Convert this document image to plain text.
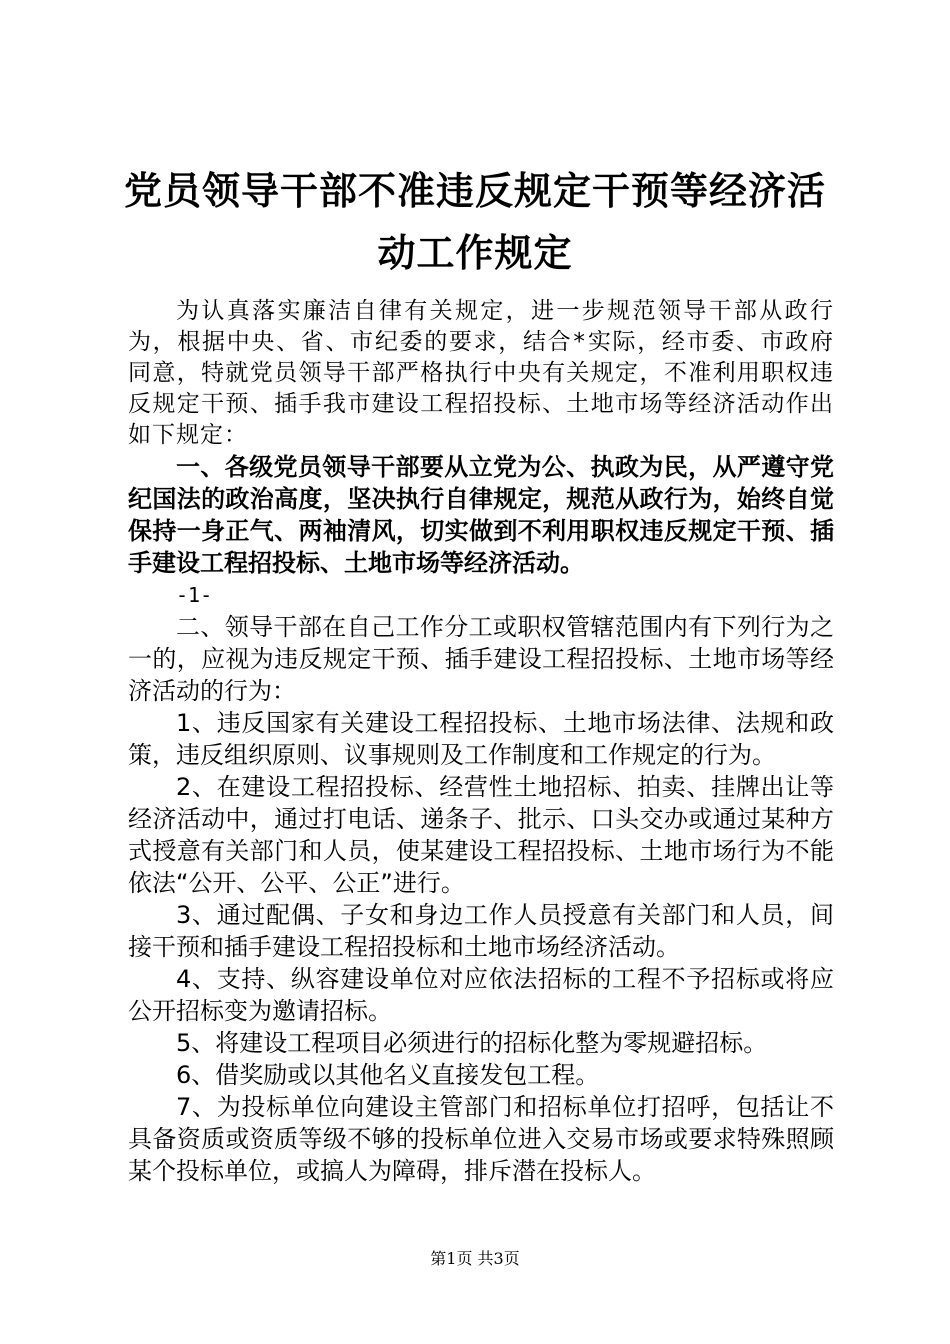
党员领导干部不准违反规定干预等经济活动工作规定

为认真落实廉洁自律有关规定，进一步规范领导干部从政行为，根据中央、省、市纪委的要求，结合*实际，经市委、市政府同意，特就党员领导干部严格执行中央有关规定，不准利用职权违反规定干预、插手我市建设工程招投标、土地市场等经济活动作出如下规定：

一、各级党员领导干部要从立党为公、执政为民，从严遵守党纪国法的政治高度，坚决执行自律规定，规范从政行为，始终自觉保持一身正气、两袖清风，切实做到不利用职权违反规定干预、插手建设工程招投标、土地市场等经济活动。

-1-

二、领导干部在自己工作分工或职权管辖范围内有下列行为之一的，应视为违反规定干预、插手建设工程招投标、土地市场等经济活动的行为：

1、违反国家有关建设工程招投标、土地市场法律、法规和政策，违反组织原则、议事规则及工作制度和工作规定的行为。

2、在建设工程招投标、经营性土地招标、拍卖、挂牌出让等经济活动中，通过打电话、递条子、批示、口头交办或通过某种方式授意有关部门和人员，使某建设工程招投标、土地市场行为不能依法“公开、公平、公正”进行。

3、通过配偶、子女和身边工作人员授意有关部门和人员，间接干预和插手建设工程招投标和土地市场经济活动。

4、支持、纵容建设单位对应依法招标的工程不予招标或将应公开招标变为邀请招标。

5、将建设工程项目必须进行的招标化整为零规避招标。

6、借奖励或以其他名义直接发包工程。

7、为投标单位向建设主管部门和招标单位打招呼，包括让不具备资质或资质等级不够的投标单位进入交易市场或要求特殊照顾某个投标单位，或搞人为障碍，排斥潜在投标人。

第1页 共3页
